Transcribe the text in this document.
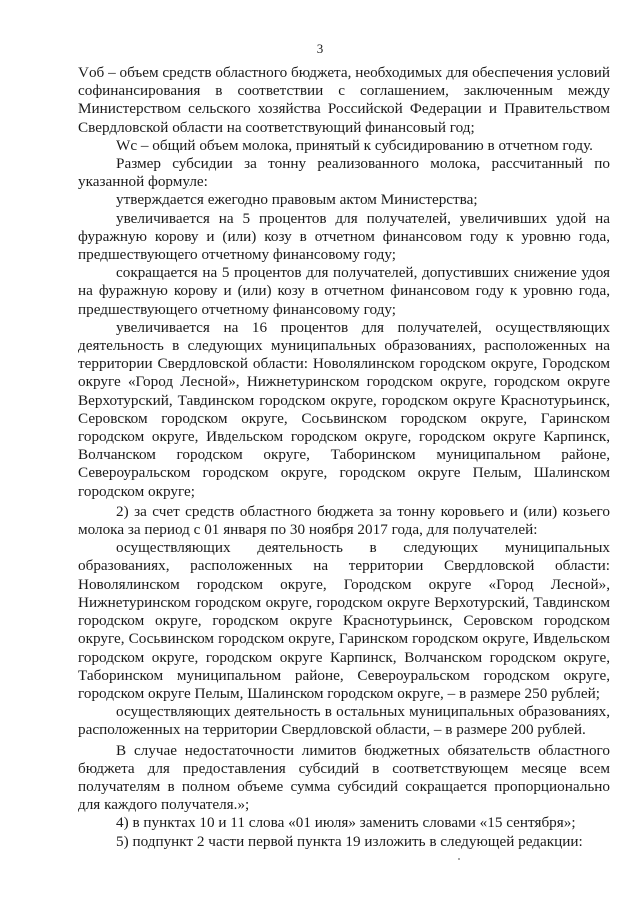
3

Vоб – объем средств областного бюджета, необходимых для обеспечения условий софинансирования в соответствии с соглашением, заключенным между Министерством сельского хозяйства Российской Федерации и Правительством Свердловской области на соответствующий финансовый год;

Wc – общий объем молока, принятый к субсидированию в отчетном году.

Размер субсидии за тонну реализованного молока, рассчитанный по указанной формуле:

утверждается ежегодно правовым актом Министерства;

увеличивается на 5 процентов для получателей, увеличивших удой на фуражную корову и (или) козу в отчетном финансовом году к уровню года, предшествующего отчетному финансовому году;

сокращается на 5 процентов для получателей, допустивших снижение удоя на фуражную корову и (или) козу в отчетном финансовом году к уровню года, предшествующего отчетному финансовому году;

увеличивается на 16 процентов для получателей, осуществляющих деятельность в следующих муниципальных образованиях, расположенных на территории Свердловской области: Новолялинском городском округе, Городском округе «Город Лесной», Нижнетуринском городском округе, городском округе Верхотурский, Тавдинском городском округе, городском округе Краснотурьинск, Серовском городском округе, Сосьвинском городском округе, Гаринском городском округе, Ивдельском городском округе, городском округе Карпинск, Волчанском городском округе, Таборинском муниципальном районе, Североуральском городском округе, городском округе Пелым, Шалинском городском округе;

2) за счет средств областного бюджета за тонну коровьего и (или) козьего молока за период с 01 января по 30 ноября 2017 года, для получателей:

осуществляющих деятельность в следующих муниципальных образованиях, расположенных на территории Свердловской области: Новолялинском городском округе, Городском округе «Город Лесной», Нижнетуринском городском округе, городском округе Верхотурский, Тавдинском городском округе, городском округе Краснотурьинск, Серовском городском округе, Сосьвинском городском округе, Гаринском городском округе, Ивдельском городском округе, городском округе Карпинск, Волчанском городском округе, Таборинском муниципальном районе, Североуральском городском округе, городском округе Пелым, Шалинском городском округе, – в размере 250 рублей;

осуществляющих деятельность в остальных муниципальных образованиях, расположенных на территории Свердловской области, – в размере 200 рублей.

В случае недостаточности лимитов бюджетных обязательств областного бюджета для предоставления субсидий в соответствующем месяце всем получателям в полном объеме сумма субсидий сокращается пропорционально для каждого получателя.»;

4) в пунктах 10 и 11 слова «01 июля» заменить словами «15 сентября»;

5) подпункт 2 части первой пункта 19 изложить в следующей редакции:
